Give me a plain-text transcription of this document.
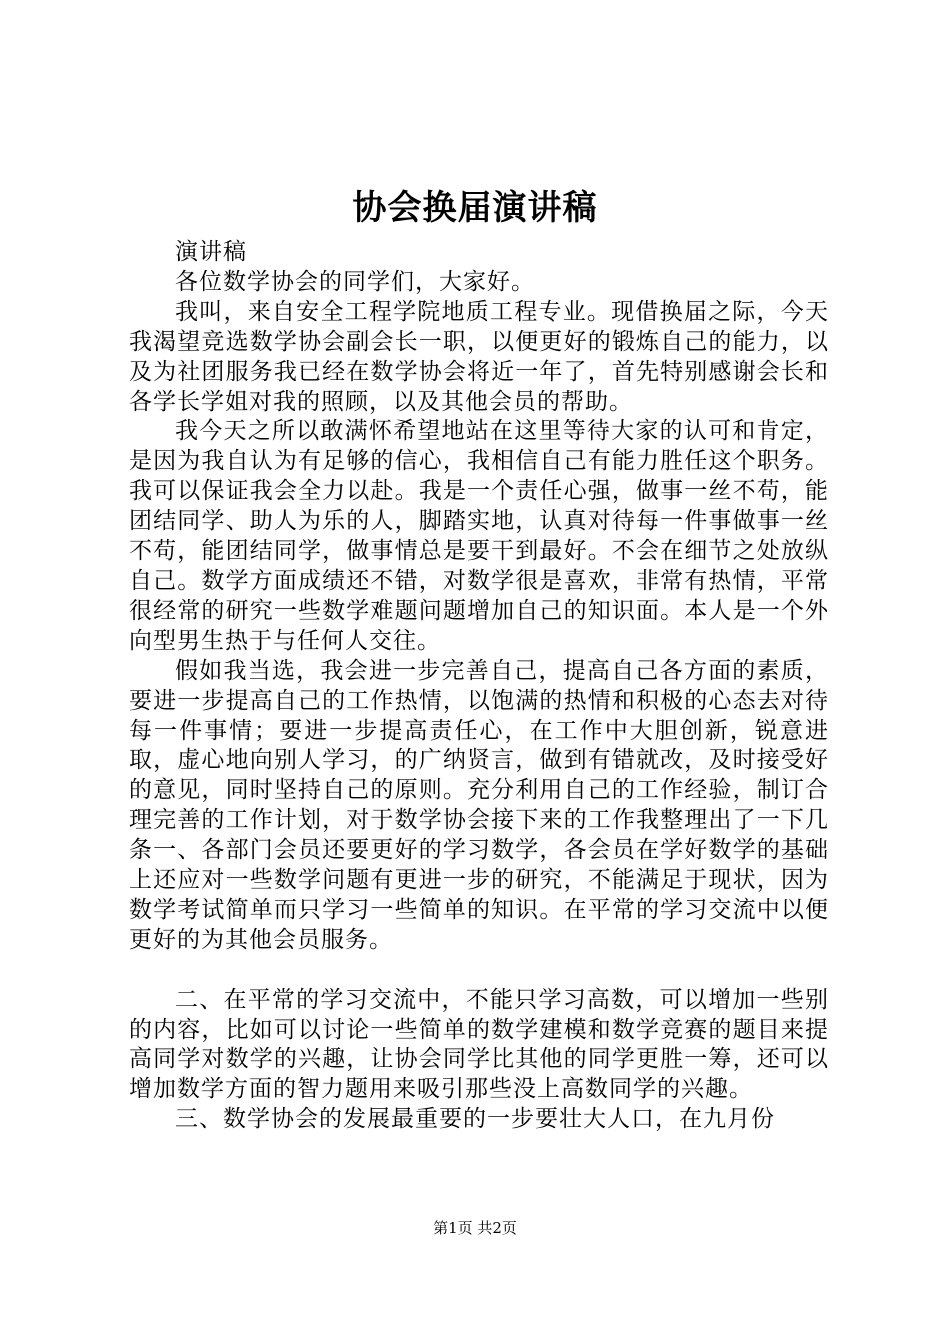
协会换届演讲稿

演讲稿

各位数学协会的同学们，大家好。

我叫，来自安全工程学院地质工程专业。现借换届之际，今天我渴望竞选数学协会副会长一职，以便更好的锻炼自己的能力，以及为社团服务我已经在数学协会将近一年了，首先特别感谢会长和各学长学姐对我的照顾，以及其他会员的帮助。

我今天之所以敢满怀希望地站在这里等待大家的认可和肯定，是因为我自认为有足够的信心，我相信自己有能力胜任这个职务。我可以保证我会全力以赴。我是一个责任心强，做事一丝不苟，能团结同学、助人为乐的人，脚踏实地，认真对待每一件事做事一丝不苟，能团结同学，做事情总是要干到最好。不会在细节之处放纵自己。数学方面成绩还不错，对数学很是喜欢，非常有热情，平常很经常的研究一些数学难题问题增加自己的知识面。本人是一个外向型男生热于与任何人交往。

假如我当选，我会进一步完善自己，提高自己各方面的素质，要进一步提高自己的工作热情，以饱满的热情和积极的心态去对待每一件事情；要进一步提高责任心，在工作中大胆创新，锐意进取，虚心地向别人学习，的广纳贤言，做到有错就改，及时接受好的意见，同时坚持自己的原则。充分利用自己的工作经验，制订合理完善的工作计划，对于数学协会接下来的工作我整理出了一下几条一、各部门会员还要更好的学习数学，各会员在学好数学的基础上还应对一些数学问题有更进一步的研究，不能满足于现状，因为数学考试简单而只学习一些简单的知识。在平常的学习交流中以便更好的为其他会员服务。

二、在平常的学习交流中，不能只学习高数，可以增加一些别的内容，比如可以讨论一些简单的数学建模和数学竞赛的题目来提高同学对数学的兴趣，让协会同学比其他的同学更胜一筹，还可以增加数学方面的智力题用来吸引那些没上高数同学的兴趣。

三、数学协会的发展最重要的一步要壮大人口，在九月份

第1页 共2页
